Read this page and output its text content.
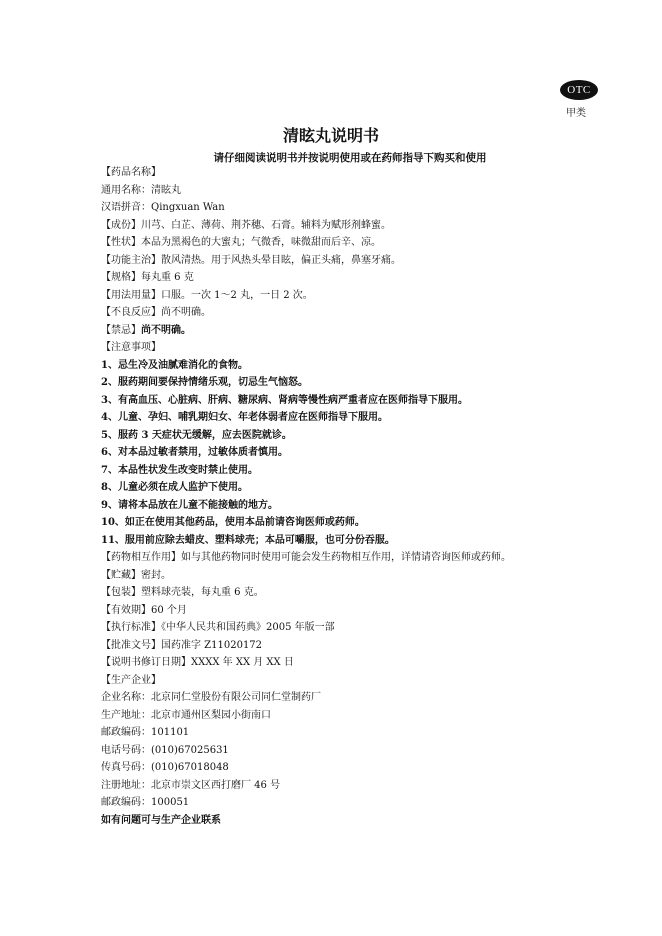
OTC
甲类
清眩丸说明书
请仔细阅读说明书并按说明使用或在药师指导下购买和使用
【药品名称】
通用名称：清眩丸
汉语拼音：Qingxuan Wan
【成份】川芎、白芷、薄荷、荆芥穗、石膏。辅料为赋形剂蜂蜜。
【性状】本品为黑褐色的大蜜丸；气微香，味微甜而后辛、凉。
【功能主治】散风清热。用于风热头晕目眩，偏正头痛，鼻塞牙痛。
【规格】每丸重 6 克
【用法用量】口服。一次 1～2 丸，一日 2 次。
【不良反应】尚不明确。
【禁忌】尚不明确。
【注意事项】
1、忌生冷及油腻难消化的食物。
2、服药期间要保持情绪乐观，切忌生气恼怒。
3、有高血压、心脏病、肝病、糖尿病、肾病等慢性病严重者应在医师指导下服用。
4、儿童、孕妇、哺乳期妇女、年老体弱者应在医师指导下服用。
5、服药 3 天症状无缓解，应去医院就诊。
6、对本品过敏者禁用，过敏体质者慎用。
7、本品性状发生改变时禁止使用。
8、儿童必须在成人监护下使用。
9、请将本品放在儿童不能接触的地方。
10、如正在使用其他药品，使用本品前请咨询医师或药师。
11、服用前应除去蜡皮、塑料球壳；本品可嚼服，也可分份吞服。
【药物相互作用】如与其他药物同时使用可能会发生药物相互作用，详情请咨询医师或药师。
【贮藏】密封。
【包装】塑料球壳装，每丸重 6 克。
【有效期】60 个月
【执行标准】《中华人民共和国药典》2005 年版一部
【批准文号】国药准字 Z11020172
【说明书修订日期】XXXX 年 XX 月 XX 日
【生产企业】
企业名称：北京同仁堂股份有限公司同仁堂制药厂
生产地址：北京市通州区梨园小街南口
邮政编码：101101
电话号码：(010)67025631
传真号码：(010)67018048
注册地址：北京市崇文区西打磨厂 46 号
邮政编码：100051
如有问题可与生产企业联系
